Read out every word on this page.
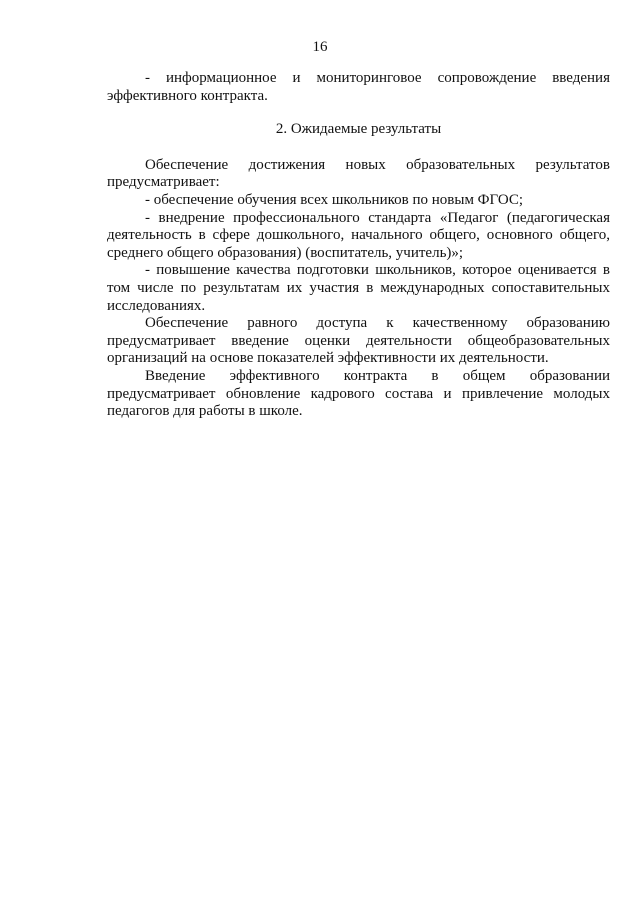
16

- информационное и мониторинговое сопровождение введения эффективного контракта.

2. Ожидаемые результаты

Обеспечение достижения новых образовательных результатов предусматривает:

- обеспечение обучения всех школьников по новым ФГОС;

- внедрение профессионального стандарта «Педагог (педагогическая деятельность в сфере дошкольного, начального общего, основного общего, среднего общего образования) (воспитатель, учитель)»;

- повышение качества подготовки школьников, которое оценивается в том числе по результатам их участия в международных сопоставительных исследованиях.

Обеспечение равного доступа к качественному образованию предусматривает введение оценки деятельности общеобразовательных организаций на основе показателей эффективности их деятельности.

Введение эффективного контракта в общем образовании предусматривает обновление кадрового состава и привлечение молодых педагогов для работы в школе.
